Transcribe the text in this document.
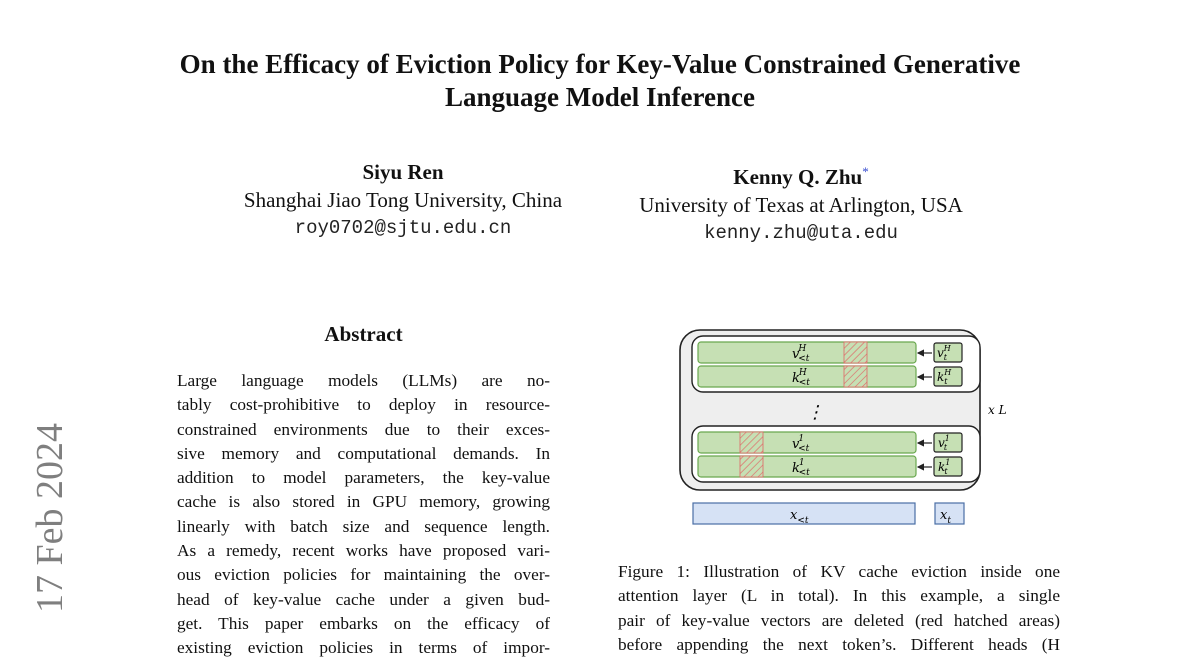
On the Efficacy of Eviction Policy for Key-Value Constrained Generative
Language Model Inference
Siyu Ren
Shanghai Jiao Tong University, China
roy0702@sjtu.edu.cn
Kenny Q. Zhu*
University of Texas at Arlington, USA
kenny.zhu@uta.edu
17 Feb 2024
Abstract
Large language models (LLMs) are no-
tably cost-prohibitive to deploy in resource-
constrained environments due to their exces-
sive memory and computational demands. In
addition to model parameters, the key-value
cache is also stored in GPU memory, growing
linearly with batch size and sequence length.
As a remedy, recent works have proposed vari-
ous eviction policies for maintaining the over-
head of key-value cache under a given bud-
get. This paper embarks on the efficacy of
existing eviction policies in terms of impor-
vH <t
kH <t
$v^H$ t
$k^H$ t
⋮
v1 <t
k1 <t
$v^1$ t
$k^1$ t
x L
$x_{<t}$	$x_t$
Figure 1: Illustration of KV cache eviction inside one
attention layer (L in total). In this example, a single
pair of key-value vectors are deleted (red hatched areas)
before appending the next token’s. Different heads (H
